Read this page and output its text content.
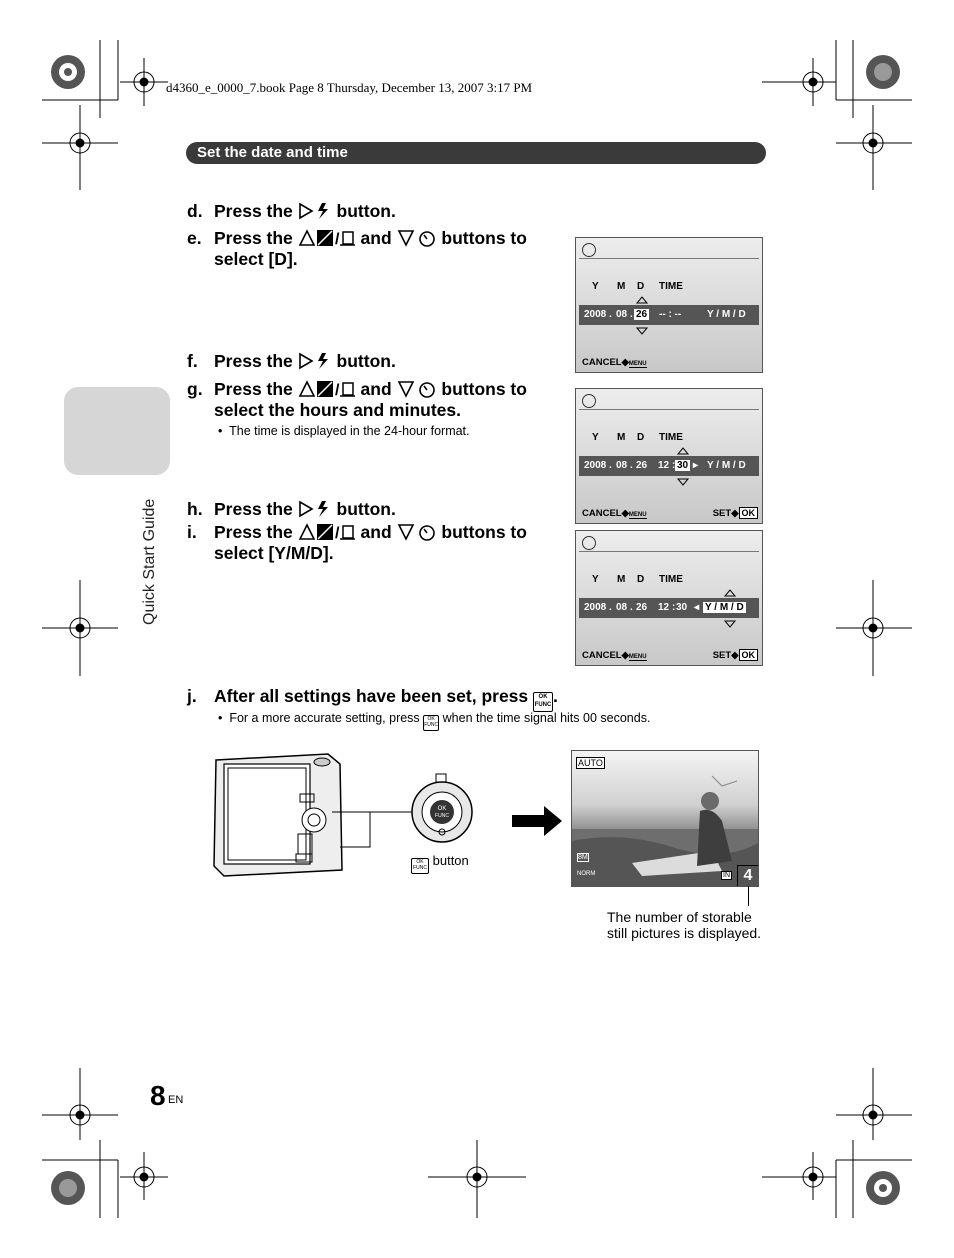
d4360_e_0000_7.book Page 8 Thursday, December 13, 2007 3:17 PM
Set the date and time
Quick Start Guide
d. Press the	button.
e. Press the	/ and	buttons to
select [D].
f. Press the	button.
g. Press the	/ and	buttons to
select the hours and minutes.
•  The time is displayed in the 24-hour format.
h. Press the	button.
i. Press the	/ and	buttons to
select [Y/M/D].
j. After all settings have been set, press OK
FUNC.
•  For a more accurate setting, press OK
FUNC when the time signal hits 00 seconds.
Y M D TIME
2008 . 08 . 26 -- : --	Y / M / D
CANCEL◆MENU
Y M D TIME
2008 . 08 . 26 12 : 30 ▸ Y / M / D
CANCEL◆MENU	SET◆ OK
Y M D TIME
2008 . 08 . 26 12 : 30 ◂ Y / M / D
CANCEL◆MENU	SET◆ OK
OK
FUNC
OK
FUNC button
AUTO
8M
NORM	IN 4
The number of storable
still pictures is displayed.
8 EN
